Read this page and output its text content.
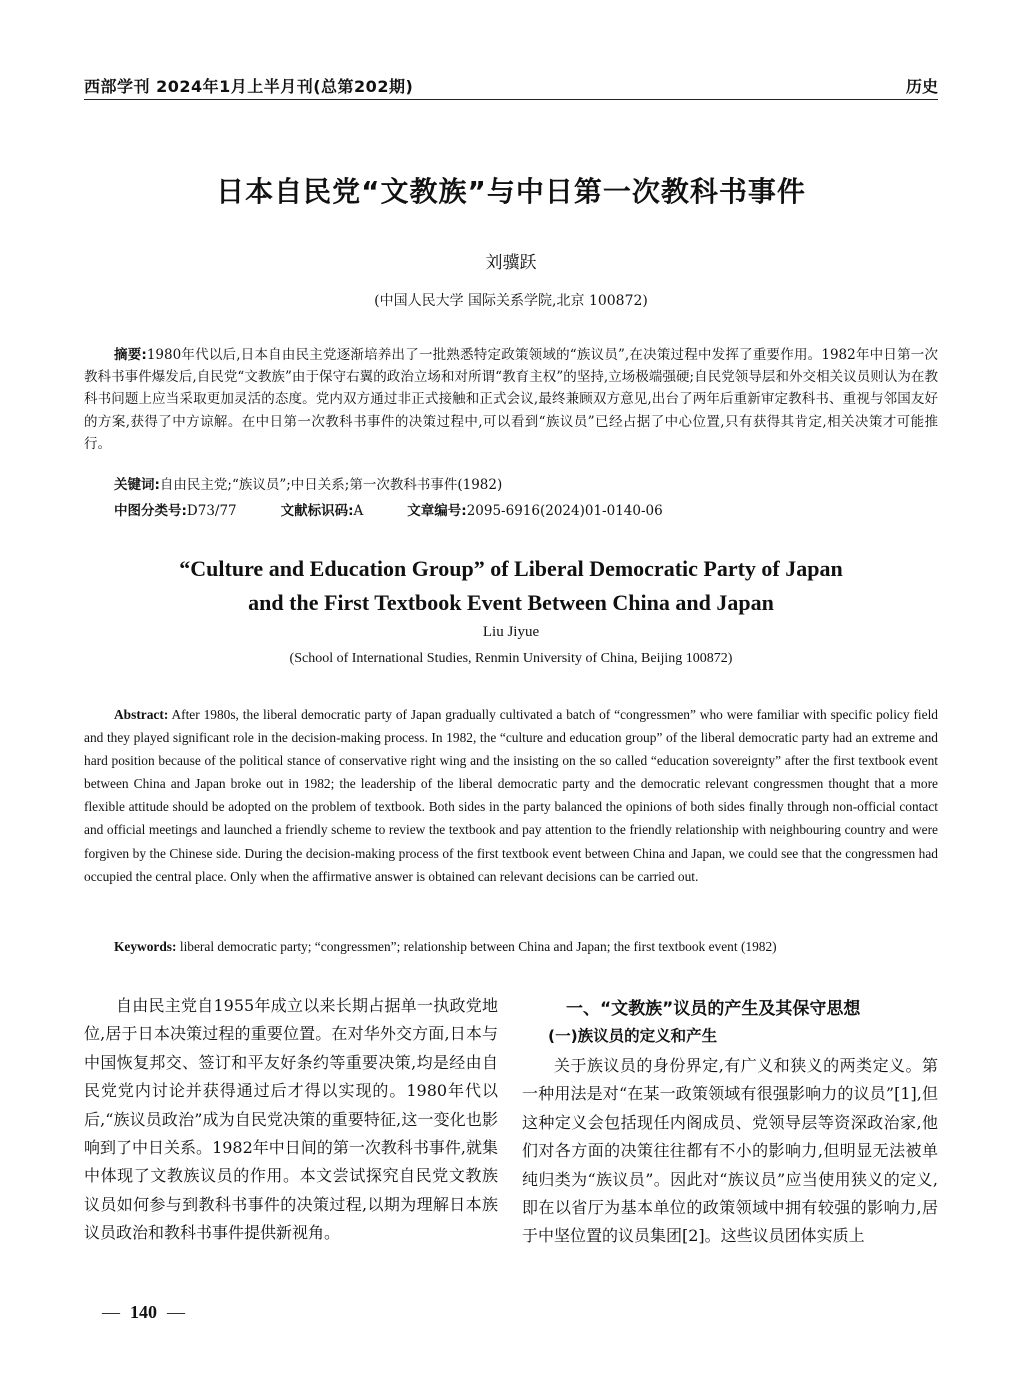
西部学刊 2024年1月上半月刊(总第202期)	历史
日本自民党“文教族”与中日第一次教科书事件
刘骥跃
(中国人民大学 国际关系学院,北京 100872)
摘要:1980年代以后,日本自由民主党逐渐培养出了一批熟悉特定政策领域的“族议员”,在决策过程中发挥了重要作用。1982年中日第一次教科书事件爆发后,自民党“文教族”由于保守右翼的政治立场和对所谓“教育主权”的坚持,立场极端强硬;自民党领导层和外交相关议员则认为在教科书问题上应当采取更加灵活的态度。党内双方通过非正式接触和正式会议,最终兼顾双方意见,出台了两年后重新审定教科书、重视与邻国友好的方案,获得了中方谅解。在中日第一次教科书事件的决策过程中,可以看到“族议员”已经占据了中心位置,只有获得其肯定,相关决策才可能推行。
关键词:自由民主党;“族议员”;中日关系;第一次教科书事件(1982)
中图分类号:D73/77	文献标识码:A	文章编号:2095-6916(2024)01-0140-06
“Culture and Education Group” of Liberal Democratic Party of Japan
and the First Textbook Event Between China and Japan
Liu Jiyue
(School of International Studies, Renmin University of China, Beijing 100872)
Abstract: After 1980s, the liberal democratic party of Japan gradually cultivated a batch of “congressmen” who were familiar with specific policy field and they played significant role in the decision-making process. In 1982, the “culture and education group” of the liberal democratic party had an extreme and hard position because of the political stance of conservative right wing and the insisting on the so called “education sovereignty” after the first textbook event between China and Japan broke out in 1982; the leadership of the liberal democratic party and the democratic relevant congressmen thought that a more flexible attitude should be adopted on the problem of textbook. Both sides in the party balanced the opinions of both sides finally through non-official contact and official meetings and launched a friendly scheme to review the textbook and pay attention to the friendly relationship with neighbouring country and were forgiven by the Chinese side. During the decision-making process of the first textbook event between China and Japan, we could see that the congressmen had occupied the central place. Only when the affirmative answer is obtained can relevant decisions can be carried out.
Keywords: liberal democratic party; “congressmen”; relationship between China and Japan; the first textbook event (1982)
自由民主党自1955年成立以来长期占据单一执政党地位,居于日本决策过程的重要位置。在对华外交方面,日本与中国恢复邦交、签订和平友好条约等重要决策,均是经由自民党党内讨论并获得通过后才得以实现的。1980年代以后,“族议员政治”成为自民党决策的重要特征,这一变化也影响到了中日关系。1982年中日间的第一次教科书事件,就集中体现了文教族议员的作用。本文尝试探究自民党文教族议员如何参与到教科书事件的决策过程,以期为理解日本族议员政治和教科书事件提供新视角。
一、“文教族”议员的产生及其保守思想
(一)族议员的定义和产生
关于族议员的身份界定,有广义和狭义的两类定义。第一种用法是对“在某一政策领域有很强影响力的议员”[1],但这种定义会包括现任内阁成员、党领导层等资深政治家,他们对各方面的决策往往都有不小的影响力,但明显无法被单纯归类为“族议员”。因此对“族议员”应当使用狭义的定义,即在以省厅为基本单位的政策领域中拥有较强的影响力,居于中坚位置的议员集团[2]。这些议员团体实质上
— 140 —
